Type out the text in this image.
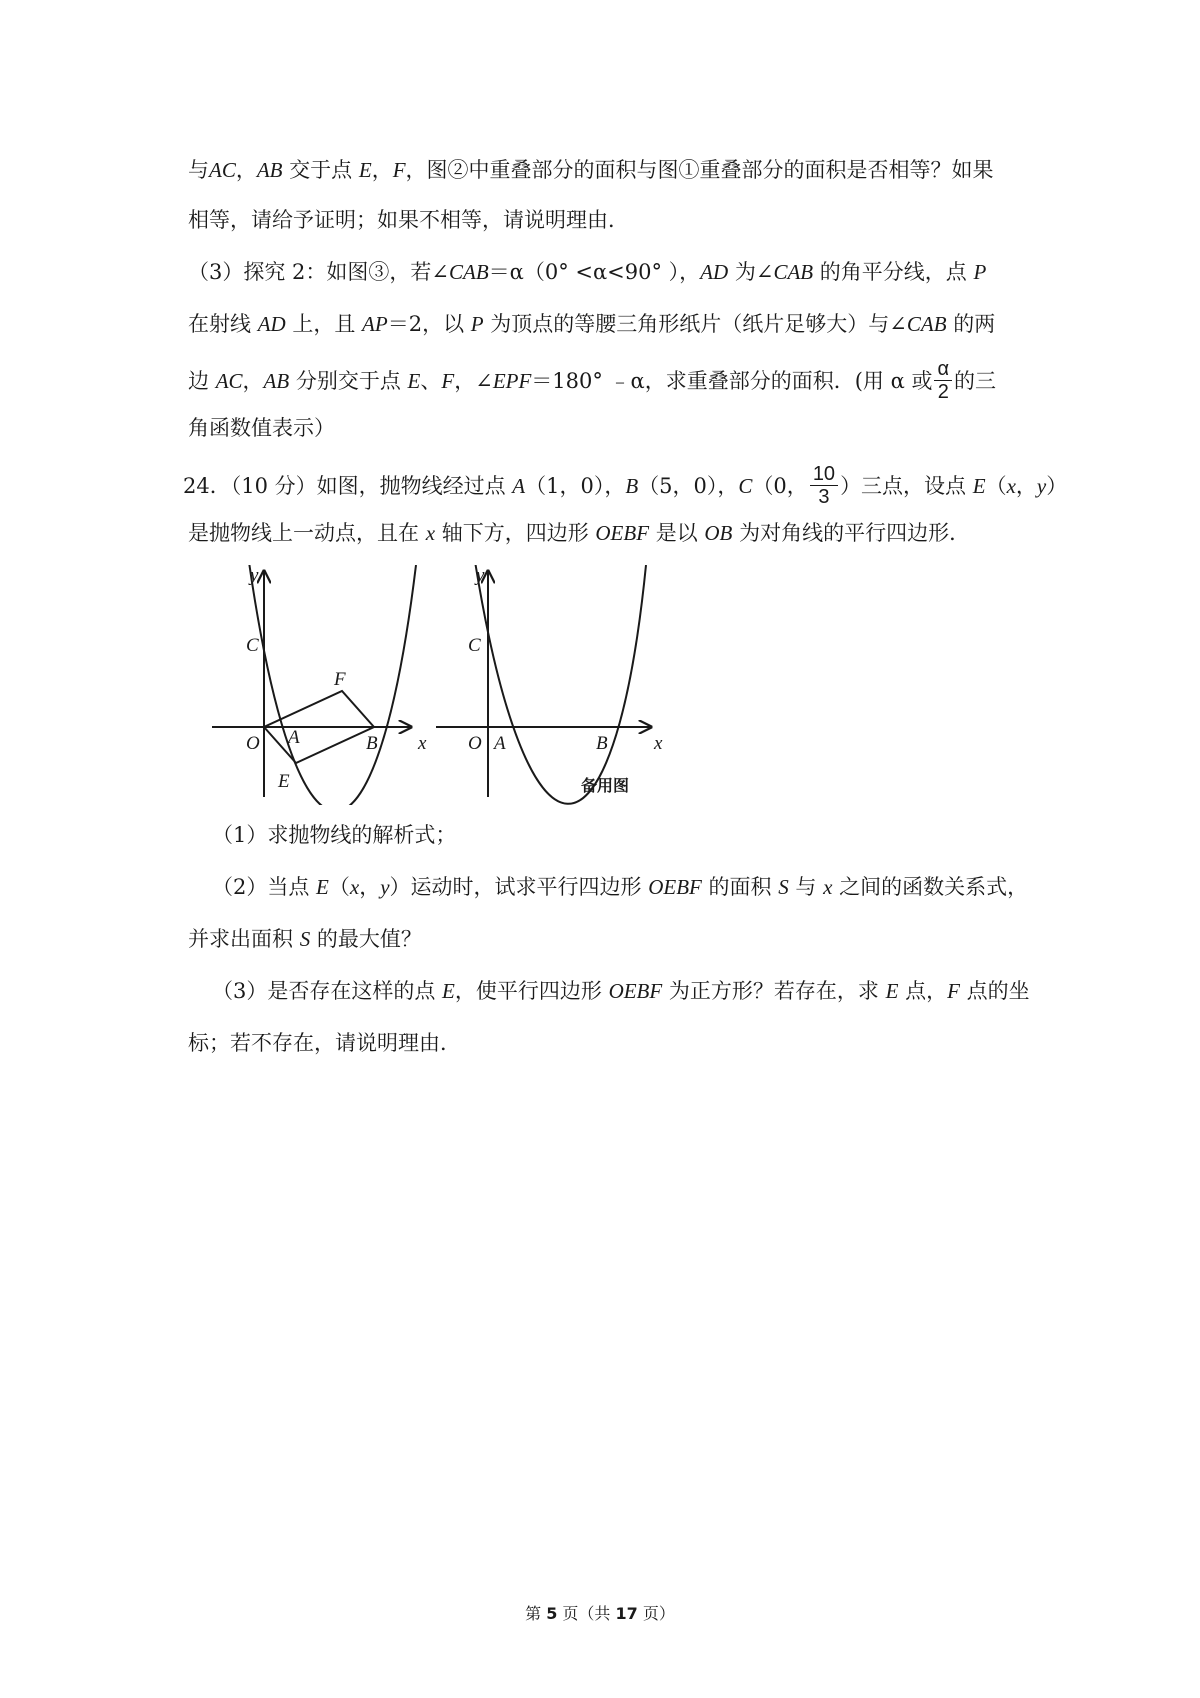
与AC，AB 交于点 E，F，图②中重叠部分的面积与图①重叠部分的面积是否相等？如果
相等，请给予证明；如果不相等，请说明理由．
（3）探究 2：如图③，若∠CAB＝α（0° <α<90° ），AD 为∠CAB 的角平分线，点 P
在射线 AD 上，且 AP＝2，以 P 为顶点的等腰三角形纸片（纸片足够大）与∠CAB 的两
边 AC，AB 分别交于点 E、F，∠EPF＝180° ﹣α，求重叠部分的面积．(用 α 或 $\frac{\alpha}{2}$ 的三
角函数值表示）
24．（10 分）如图，抛物线经过点 A（1，0），B（5，0），C（0， $\frac{10}{3}$ ）三点，设点 E（x，y）
是抛物线上一动点，且在 x 轴下方，四边形 OEBF 是以 OB 为对角线的平行四边形．
y
x
O A	B
C
E
F
y
x
O A	B
C
备用图
（1）求抛物线的解析式；
（2）当点 E（x，y）运动时，试求平行四边形 OEBF 的面积 S 与 x 之间的函数关系式，
并求出面积 S 的最大值？
（3）是否存在这样的点 E，使平行四边形 OEBF 为正方形？若存在，求 E 点，F 点的坐
标；若不存在，请说明理由．
第 5 页（共 17 页）
